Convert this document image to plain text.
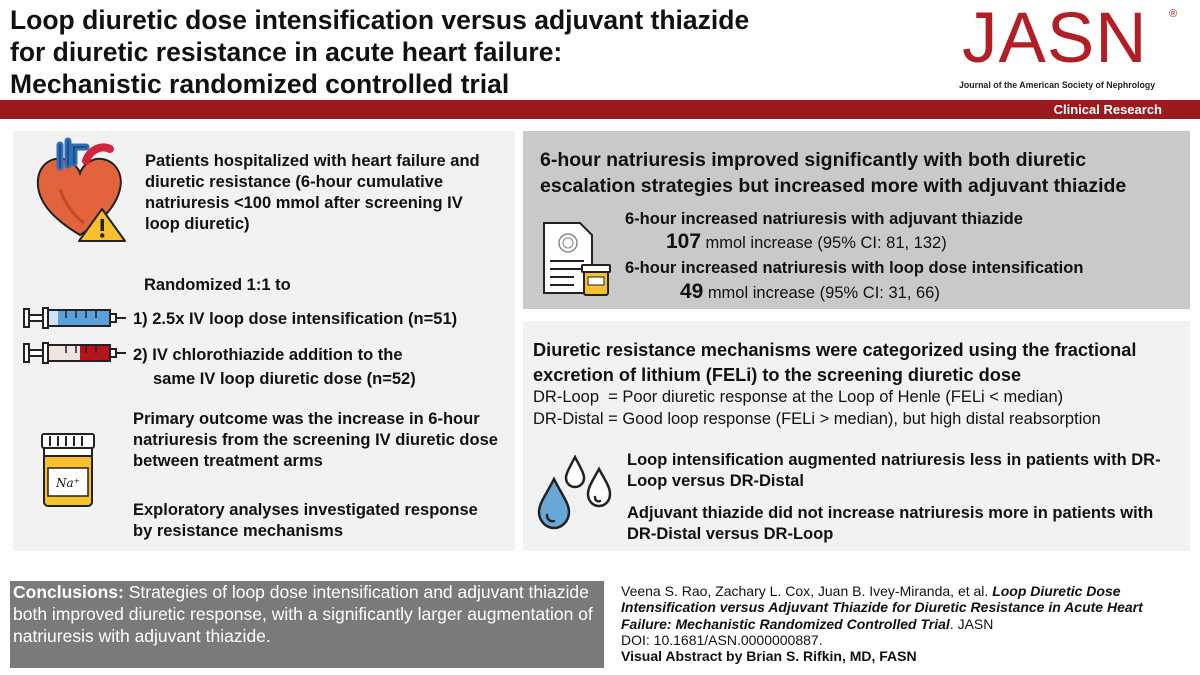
Loop diuretic dose intensification versus adjuvant thiazide
for diuretic resistance in acute heart failure:
Mechanistic randomized controlled trial
JASN	®
Journal of the American Society of Nephrology
Clinical Research
Patients hospitalized with heart failure and diuretic resistance (6-hour cumulative natriuresis <100 mmol after screening IV loop diuretic)
Randomized 1:1 to
1) 2.5x IV loop dose intensification (n=51)
2) IV chlorothiazide addition to the
same IV loop diuretic dose (n=52)
Na⁺
Primary outcome was the increase in 6-hour natriuresis from the screening IV diuretic dose between treatment arms
Exploratory analyses investigated response by resistance mechanisms
6-hour natriuresis improved significantly with both diuretic escalation strategies but increased more with adjuvant thiazide
6-hour increased natriuresis with adjuvant thiazide
107 mmol increase (95% CI: 81, 132)
6-hour increased natriuresis with loop dose intensification
49 mmol increase (95% CI: 31, 66)
Diuretic resistance mechanisms were categorized using the fractional excretion of lithium (FELi) to the screening diuretic dose
DR-Loop  = Poor diuretic response at the Loop of Henle (FELi < median)
DR-Distal = Good loop response (FELi > median), but high distal reabsorption
Loop intensification augmented natriuresis less in patients with DR-Loop versus DR-Distal
Adjuvant thiazide did not increase natriuresis more in patients with DR-Distal versus DR-Loop
Conclusions: Strategies of loop dose intensification and adjuvant thiazide both improved diuretic response, with a significantly larger augmentation of natriuresis with adjuvant thiazide.
Veena S. Rao, Zachary L. Cox, Juan B. Ivey-Miranda, et al. Loop Diuretic Dose Intensification versus Adjuvant Thiazide for Diuretic Resistance in Acute Heart Failure: Mechanistic Randomized Controlled Trial. JASN
DOI: 10.1681/ASN.0000000887.
Visual Abstract by Brian S. Rifkin, MD, FASN
